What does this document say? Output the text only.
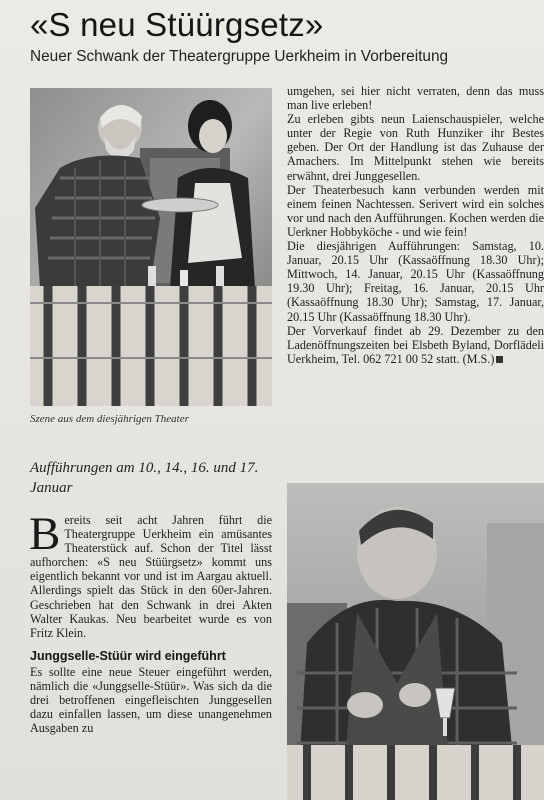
«S neu Stüürgsetz»
Neuer Schwank der Theatergruppe Uerkheim in Vorbereitung
Szene aus dem diesjährigen Theater
Aufführungen am 10., 14., 16. und 17. Januar

Bereits seit acht Jahren führt die Theatergruppe Uerkheim ein amüsantes Theaterstück auf. Schon der Titel lässt aufhorchen: «S neu Stüürgsetz» kommt uns eigentlich bekannt vor und ist im Aargau aktuell. Allerdings spielt das Stück in den 60er-Jahren. Geschrieben hat den Schwank in drei Akten Walter Kaukas. Neu bearbeitet wurde es von Fritz Klein.

Junggselle-Stüür wird eingeführt

Es sollte eine neue Steuer eingeführt werden, nämlich die «Junggselle-Stüür». Was sich da die drei betroffenen eingefleischten Junggesellen dazu einfallen lassen, um diese unangenehmen Ausgaben zu

umgehen, sei hier nicht verraten, denn das muss man live erleben!

Zu erleben gibts neun Laienschauspieler, welche unter der Regie von Ruth Hunziker ihr Bestes geben. Der Ort der Handlung ist das Zuhause der Amachers. Im Mittelpunkt stehen wie bereits erwähnt, drei Junggesellen.

Der Theaterbesuch kann verbunden werden mit einem feinen Nachtessen. Serivert wird ein solches vor und nach den Aufführungen. Kochen werden die Uerkner Hobbyköche - und wie fein!

Die diesjährigen Aufführungen: Samstag, 10. Januar, 20.15 Uhr (Kassaöffnung 18.30 Uhr); Mittwoch, 14. Januar, 20.15 Uhr (Kassaöffnung 19.30 Uhr); Freitag, 16. Januar, 20.15 Uhr (Kassaöffnung 18.30 Uhr); Samstag, 17. Januar, 20.15 Uhr (Kassaöffnung 18.30 Uhr).

Der Vorverkauf findet ab 29. Dezember zu den Ladenöffnungszeiten bei Elsbeth Byland, Dorflädeli Uerkheim, Tel. 062 721 00 52 statt. (M.S.)
